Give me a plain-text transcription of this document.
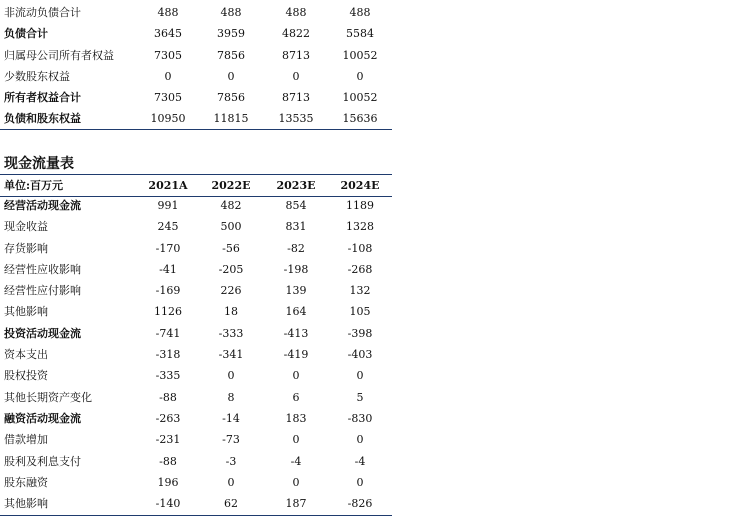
非流动负债合计	488	488	488	488
负债合计	3645	3959	4822	5584
归属母公司所有者权益	7305	7856	8713	10052
少数股东权益	0	0	0	0
所有者权益合计	7305	7856	8713	10052
负债和股东权益	10950	11815	13535	15636
现金流量表
单位:百万元	2021A	2022E	2023E	2024E
经营活动现金流	991	482	854	1189
现金收益	245	500	831	1328
存货影响	-170	-56	-82	-108
经营性应收影响	-41	-205	-198	-268
经营性应付影响	-169	226	139	132
其他影响	1126	18	164	105
投资活动现金流	-741	-333	-413	-398
资本支出	-318	-341	-419	-403
股权投资	-335	0	0	0
其他长期资产变化	-88	8	6	5
融资活动现金流	-263	-14	183	-830
借款增加	-231	-73	0	0
股利及利息支付	-88	-3	-4	-4
股东融资	196	0	0	0
其他影响	-140	62	187	-826
